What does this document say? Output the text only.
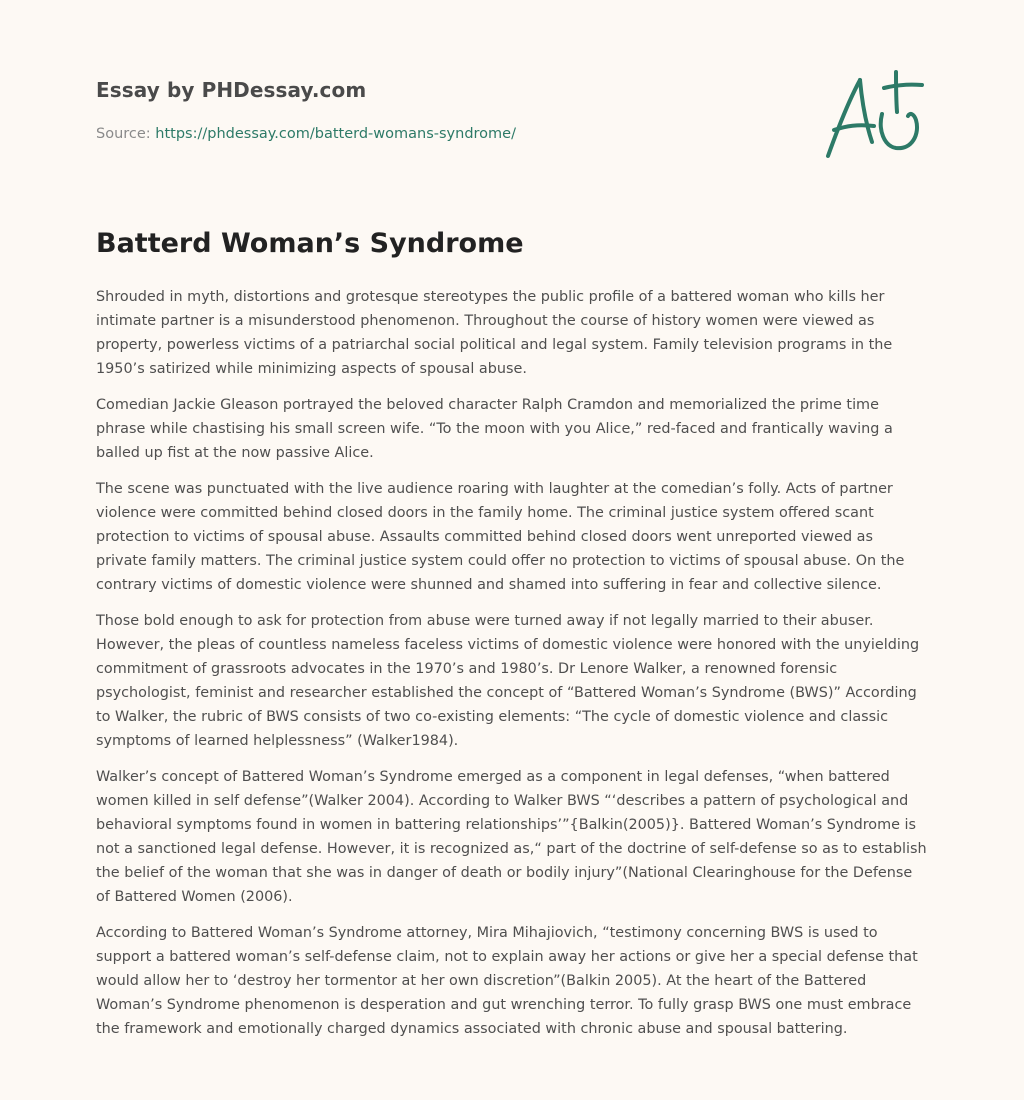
Essay by PHDessay.com
Source: https://phdessay.com/batterd-womans-syndrome/
Batterd Woman’s Syndrome

Shrouded in myth, distortions and grotesque stereotypes the public profile of a battered woman who kills her intimate partner is a misunderstood phenomenon. Throughout the course of history women were viewed as property, powerless victims of a patriarchal social political and legal system. Family television programs in the 1950’s satirized while minimizing aspects of spousal abuse.

Comedian Jackie Gleason portrayed the beloved character Ralph Cramdon and memorialized the prime time phrase while chastising his small screen wife. “To the moon with you Alice,” red-faced and frantically waving a balled up fist at the now passive Alice.

The scene was punctuated with the live audience roaring with laughter at the comedian’s folly. Acts of partner violence were committed behind closed doors in the family home. The criminal justice system offered scant protection to victims of spousal abuse. Assaults committed behind closed doors went unreported viewed as private family matters. The criminal justice system could offer no protection to victims of spousal abuse. On the contrary victims of domestic violence were shunned and shamed into suffering in fear and collective silence.

Those bold enough to ask for protection from abuse were turned away if not legally married to their abuser. However, the pleas of countless nameless faceless victims of domestic violence were honored with the unyielding commitment of grassroots advocates in the 1970’s and 1980’s. Dr Lenore Walker, a renowned forensic psychologist, feminist and researcher established the concept of “Battered Woman’s Syndrome (BWS)” According to Walker, the rubric of BWS consists of two co-existing elements: “The cycle of domestic violence and classic symptoms of learned helplessness” (Walker1984).

Walker’s concept of Battered Woman’s Syndrome emerged as a component in legal defenses, “when battered women killed in self defense”(Walker 2004). According to Walker BWS “‘describes a pattern of psychological and behavioral symptoms found in women in battering relationships’”{Balkin(2005)}. Battered Woman’s Syndrome is not a sanctioned legal defense. However, it is recognized as,“ part of the doctrine of self-defense so as to establish the belief of the woman that she was in danger of death or bodily injury”(National Clearinghouse for the Defense of Battered Women (2006).

According to Battered Woman’s Syndrome attorney, Mira Mihajiovich, “testimony concerning BWS is used to support a battered woman’s self-defense claim, not to explain away her actions or give her a special defense that would allow her to ‘destroy her tormentor at her own discretion”(Balkin 2005). At the heart of the Battered Woman’s Syndrome phenomenon is desperation and gut wrenching terror. To fully grasp BWS one must embrace the framework and emotionally charged dynamics associated with chronic abuse and spousal battering.
